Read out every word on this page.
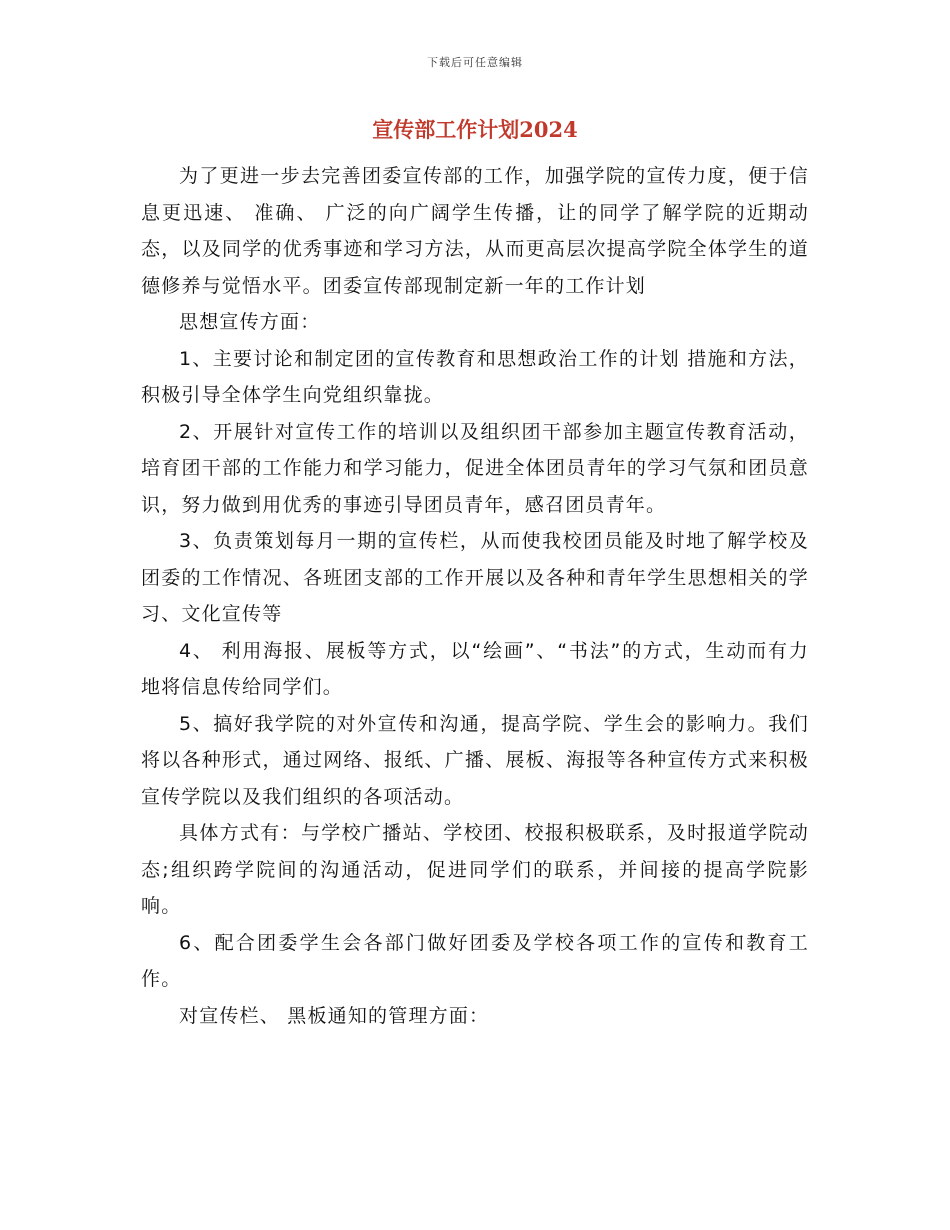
下载后可任意编辑
宣传部工作计划2024

为了更进一步去完善团委宣传部的工作，加强学院的宣传力度，便于信息更迅速、 准确、 广泛的向广阔学生传播，让的同学了解学院的近期动态，以及同学的优秀事迹和学习方法，从而更高层次提高学院全体学生的道德修养与觉悟水平。团委宣传部现制定新一年的工作计划

思想宣传方面：

1、主要讨论和制定团的宣传教育和思想政治工作的计划 措施和方法，积极引导全体学生向党组织靠拢。

2、开展针对宣传工作的培训以及组织团干部参加主题宣传教育活动，培育团干部的工作能力和学习能力，促进全体团员青年的学习气氛和团员意识，努力做到用优秀的事迹引导团员青年，感召团员青年。

3、负责策划每月一期的宣传栏，从而使我校团员能及时地了解学校及团委的工作情况、各班团支部的工作开展以及各种和青年学生思想相关的学习、文化宣传等

4、 利用海报、展板等方式，以“绘画”、“书法”的方式，生动而有力地将信息传给同学们。

5、搞好我学院的对外宣传和沟通，提高学院、学生会的影响力。我们将以各种形式，通过网络、报纸、广播、展板、海报等各种宣传方式来积极宣传学院以及我们组织的各项活动。

具体方式有：与学校广播站、学校团、校报积极联系，及时报道学院动态;组织跨学院间的沟通活动，促进同学们的联系，并间接的提高学院影响。

6、配合团委学生会各部门做好团委及学校各项工作的宣传和教育工作。

对宣传栏、 黑板通知的管理方面：
